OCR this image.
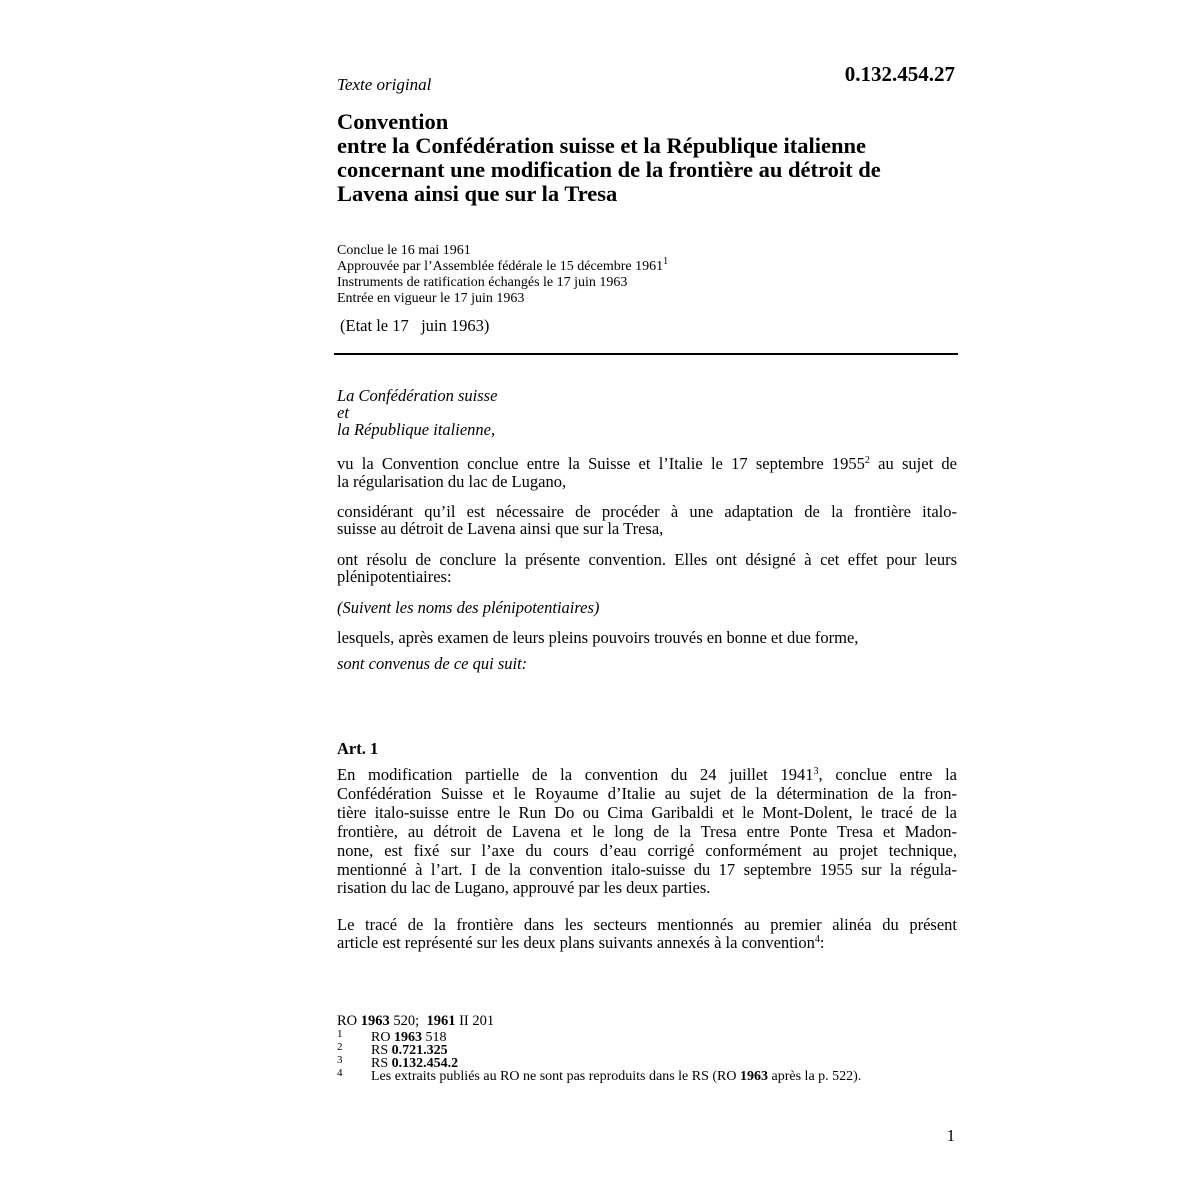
Texte original	0.132.454.27
Convention
entre la Confédération suisse et la République italienne
concernant une modification de la frontière au détroit de
Lavena ainsi que sur la Tresa
Conclue le 16 mai 1961
Approuvée par l’Assemblée fédérale le 15 décembre 1961$^1$
Instruments de ratification échangés le 17 juin 1963
Entrée en vigueur le 17 juin 1963
(Etat le 17   juin 1963)
La Confédération suisse
et
la République italienne,
vu la Convention conclue entre la Suisse et l’Italie le 17 septembre 1955$^2$ au sujet de
la régularisation du lac de Lugano,
considérant qu’il est nécessaire de procéder à une adaptation de la frontière italo-
suisse au détroit de Lavena ainsi que sur la Tresa,
ont résolu de conclure la présente convention. Elles ont désigné à cet effet pour leurs
plénipotentiaires:
(Suivent les noms des plénipotentiaires)
lesquels, après examen de leurs pleins pouvoirs trouvés en bonne et due forme,
sont convenus de ce qui suit:
Art. 1
En modification partielle de la convention du 24 juillet 1941$^3$, conclue entre la
Confédération Suisse et le Royaume d’Italie au sujet de la détermination de la fron-
tière italo-suisse entre le Run Do ou Cima Garibaldi et le Mont-Dolent, le tracé de la
frontière, au détroit de Lavena et le long de la Tresa entre Ponte Tresa et Madon-
none, est fixé sur l’axe du cours d’eau corrigé conformément au projet technique,
mentionné à l’art. I de la convention italo-suisse du 17 septembre 1955 sur la régula-
risation du lac de Lugano, approuvé par les deux parties.
Le tracé de la frontière dans les secteurs mentionnés au premier alinéa du présent
article est représenté sur les deux plans suivants annexés à la convention$^4$:
RO 1963 520;  1961 II 201
1 RO 1963 518
2 RS 0.721.325
3 RS 0.132.454.2
4 Les extraits publiés au RO ne sont pas reproduits dans le RS (RO 1963 après la p. 522).
1
